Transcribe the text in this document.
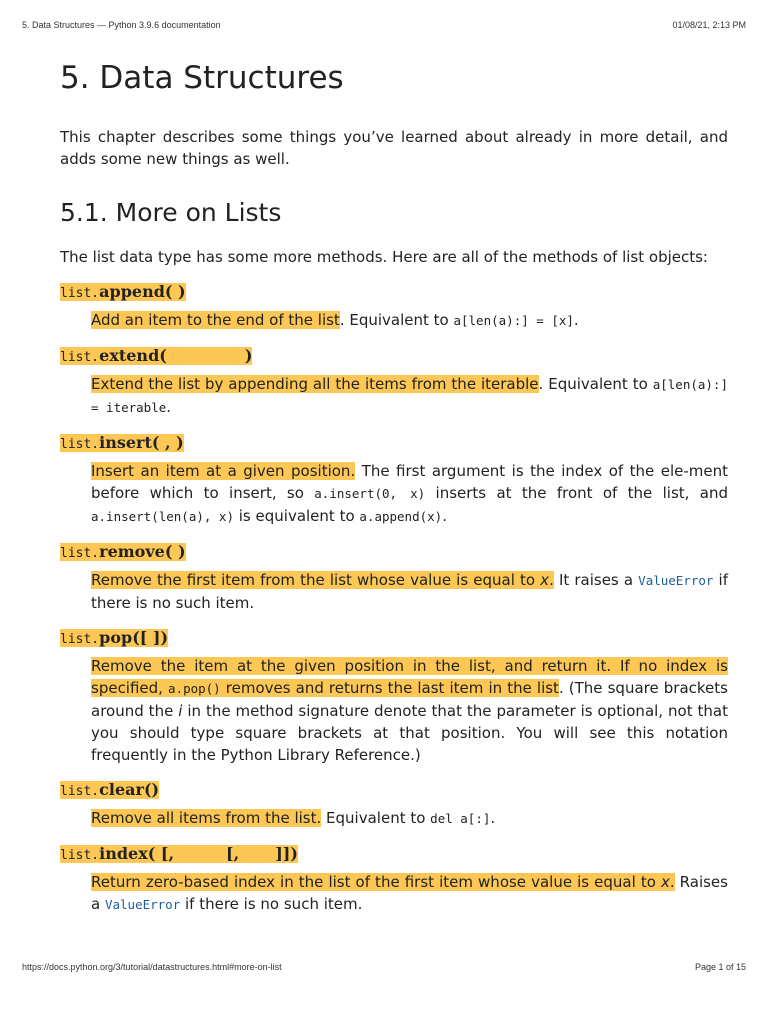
5. Data Structures — Python 3.9.6 documentation	01/08/21, 2:13 PM
5. Data Structures

This chapter describes some things you’ve learned about already in more detail, and adds some new things as well.

5.1. More on Lists

The list data type has some more methods. Here are all of the methods of list objects:

list.append( )
Add an item to the end of the list. Equivalent to a[len(a):] = [x].
list.extend(	)
Extend the list by appending all the items from the iterable. Equivalent to a[len(a):] = iterable.
list.insert( , )
Insert an item at a given position. The first argument is the index of the ele-ment before which to insert, so a.insert(0, x) inserts at the front of the list, and a.insert(len(a), x) is equivalent to a.append(x).
list.remove( )
Remove the first item from the list whose value is equal to x. It raises a ValueError if there is no such item.
list.pop([ ])
Remove the item at the given position in the list, and return it. If no index is specified, a.pop() removes and returns the last item in the list. (The square brackets around the i in the method signature denote that the parameter is optional, not that you should type square brackets at that position. You will see this notation frequently in the Python Library Reference.)
list.clear()
Remove all items from the list. Equivalent to del a[:].
list.index( [,	[, ]])
Return zero-based index in the list of the first item whose value is equal to x. Raises a ValueError if there is no such item.
https://docs.python.org/3/tutorial/datastructures.html#more-on-list	Page 1 of 15
